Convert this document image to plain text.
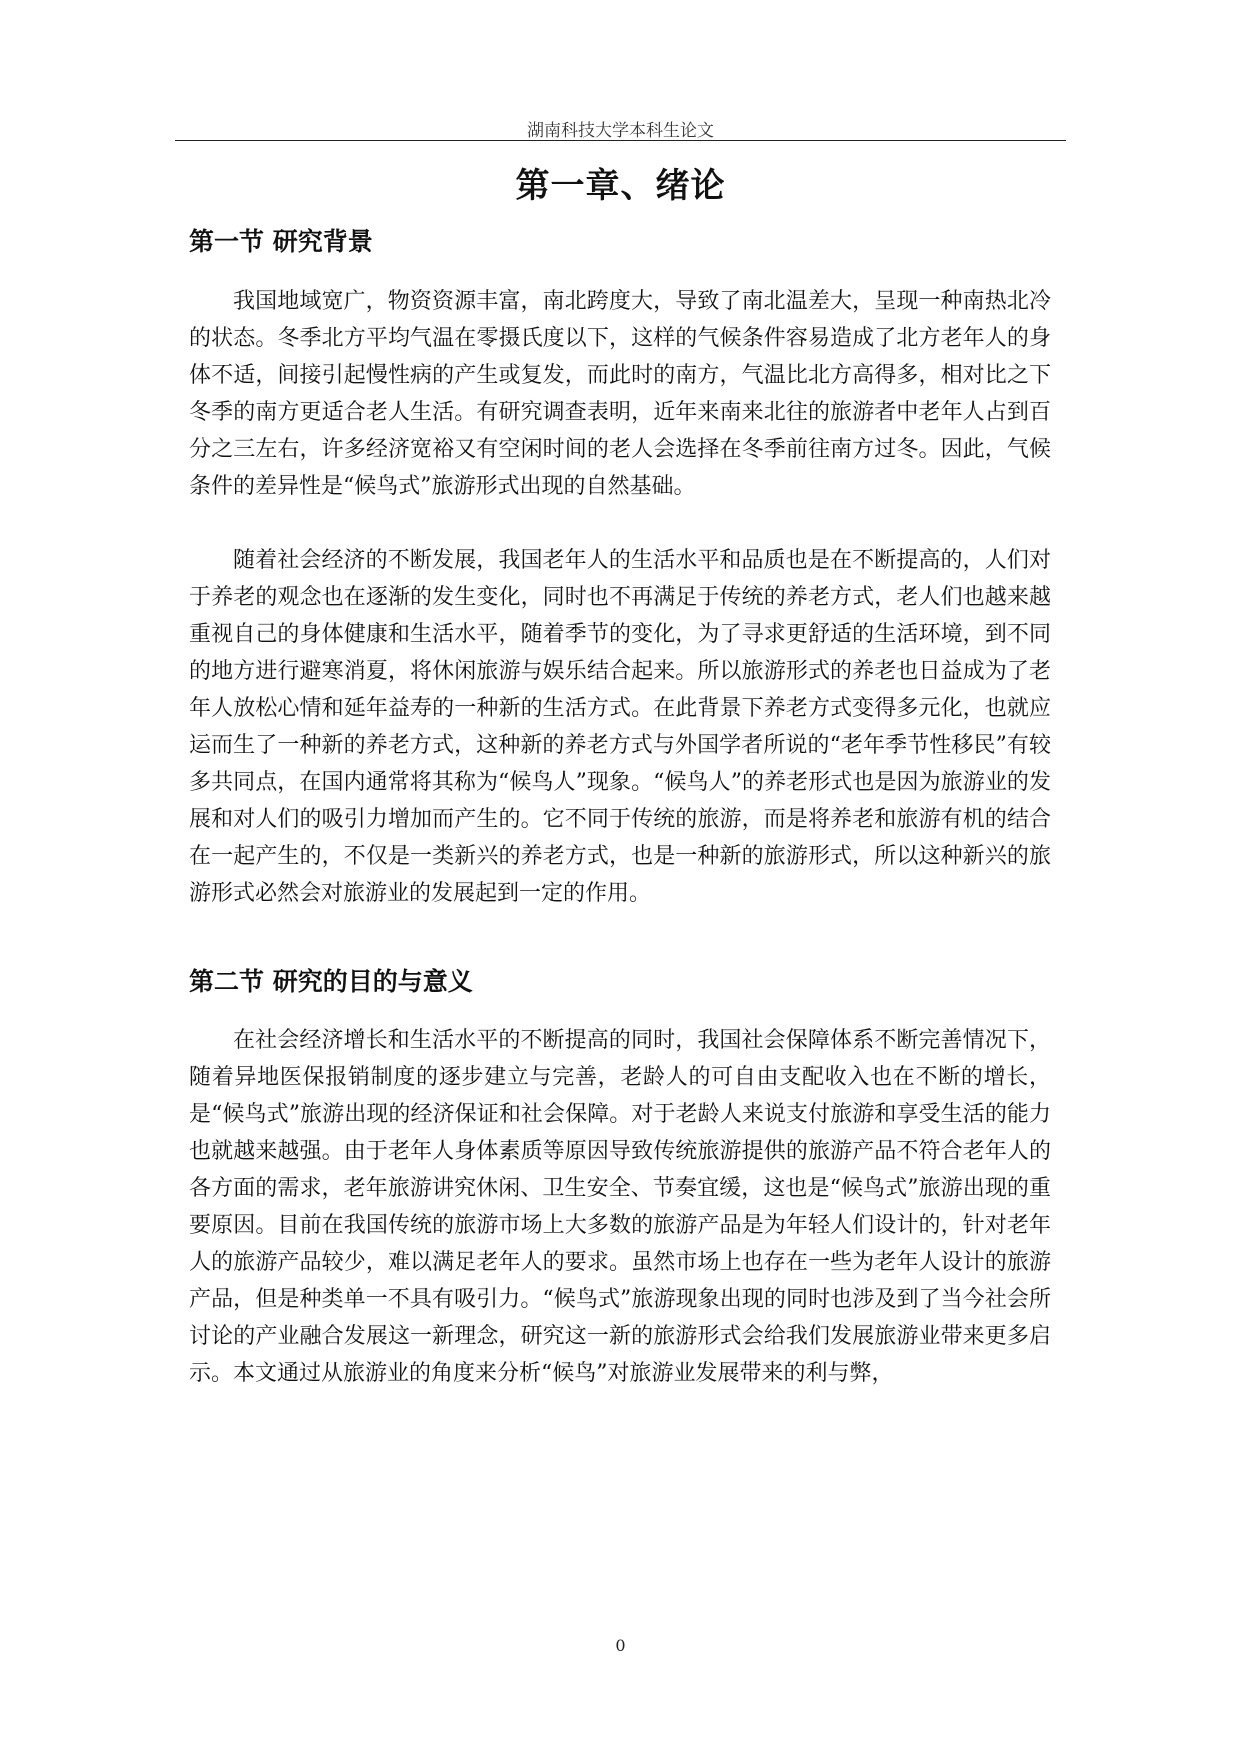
湖南科技大学本科生论文
第一章、绪论
第一节 研究背景

我国地域宽广，物资资源丰富，南北跨度大，导致了南北温差大，呈现一种南热北冷的状态。冬季北方平均气温在零摄氏度以下，这样的气候条件容易造成了北方老年人的身体不适，间接引起慢性病的产生或复发，而此时的南方，气温比北方高得多，相对比之下冬季的南方更适合老人生活。有研究调查表明，近年来南来北往的旅游者中老年人占到百分之三左右，许多经济宽裕又有空闲时间的老人会选择在冬季前往南方过冬。因此，气候条件的差异性是“候鸟式”旅游形式出现的自然基础。

随着社会经济的不断发展，我国老年人的生活水平和品质也是在不断提高的，人们对于养老的观念也在逐渐的发生变化，同时也不再满足于传统的养老方式，老人们也越来越重视自己的身体健康和生活水平，随着季节的变化，为了寻求更舒适的生活环境，到不同的地方进行避寒消夏，将休闲旅游与娱乐结合起来。所以旅游形式的养老也日益成为了老年人放松心情和延年益寿的一种新的生活方式。在此背景下养老方式变得多元化，也就应运而生了一种新的养老方式，这种新的养老方式与外国学者所说的“老年季节性移民”有较多共同点，在国内通常将其称为“候鸟人”现象。“候鸟人”的养老形式也是因为旅游业的发展和对人们的吸引力增加而产生的。它不同于传统的旅游，而是将养老和旅游有机的结合在一起产生的，不仅是一类新兴的养老方式，也是一种新的旅游形式，所以这种新兴的旅游形式必然会对旅游业的发展起到一定的作用。

第二节 研究的目的与意义

在社会经济增长和生活水平的不断提高的同时，我国社会保障体系不断完善情况下，随着异地医保报销制度的逐步建立与完善，老龄人的可自由支配收入也在不断的增长，是“候鸟式”旅游出现的经济保证和社会保障。对于老龄人来说支付旅游和享受生活的能力也就越来越强。由于老年人身体素质等原因导致传统旅游提供的旅游产品不符合老年人的各方面的需求，老年旅游讲究休闲、卫生安全、节奏宜缓，这也是“候鸟式”旅游出现的重要原因。目前在我国传统的旅游市场上大多数的旅游产品是为年轻人们设计的，针对老年人的旅游产品较少，难以满足老年人的要求。虽然市场上也存在一些为老年人设计的旅游产品，但是种类单一不具有吸引力。“候鸟式”旅游现象出现的同时也涉及到了当今社会所讨论的产业融合发展这一新理念，研究这一新的旅游形式会给我们发展旅游业带来更多启示。本文通过从旅游业的角度来分析“候鸟”对旅游业发展带来的利与弊，

0
